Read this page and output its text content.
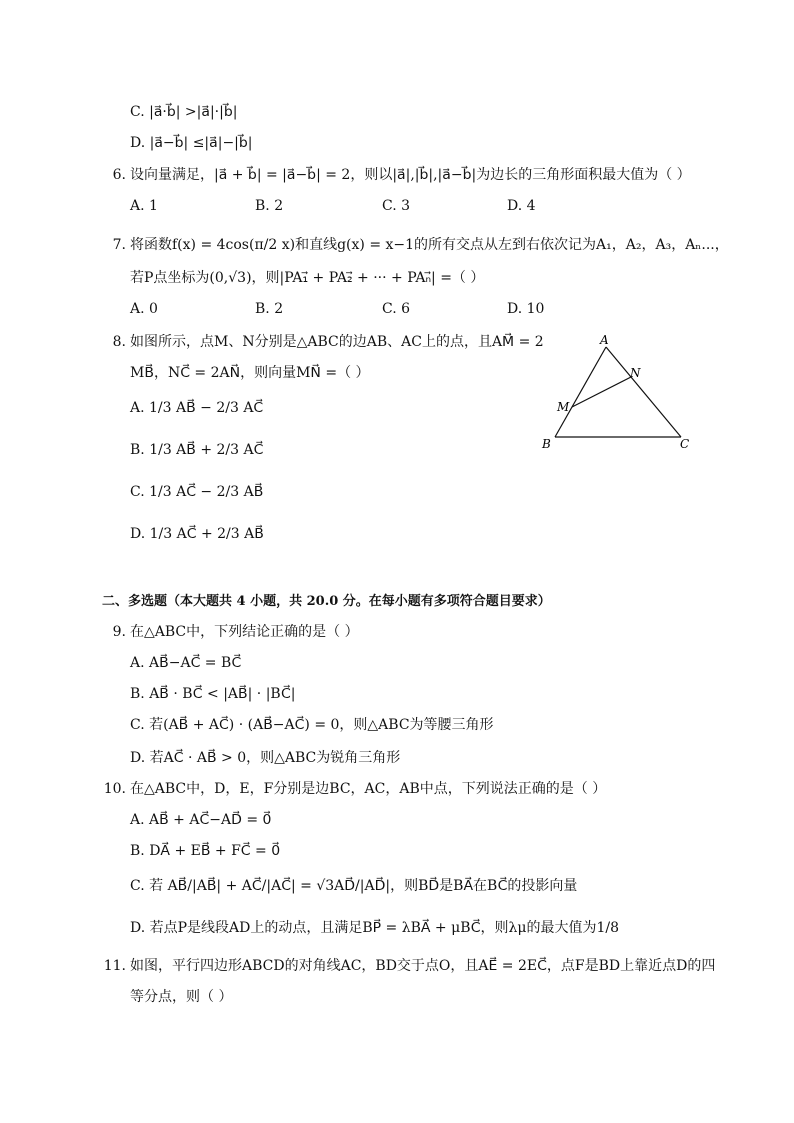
C. |a⃗·b⃗| >|a⃗|·|b⃗|
D. |a⃗−b⃗| ≤|a⃗|−|b⃗|
6. 设向量满足，|a⃗ + b⃗| = |a⃗−b⃗| = 2，则以|a⃗|,|b⃗|,|a⃗−b⃗|为边长的三角形面积最大值为（ ）
A. 1	B. 2	C. 3	D. 4
7. 将函数f(x) = 4cos(π/2 x)和直线g(x) = x−1的所有交点从左到右依次记为A₁，A₂，A₃，Aₙ...，
若P点坐标为(0,√3)，则|PA₁⃗ + PA₂⃗ + ··· + PAₙ⃗| =（ ）
A. 0	B. 2	C. 6	D. 10
8. 如图所示，点M、N分别是△ABC的边AB、AC上的点，且AM⃗ = 2
MB⃗，NC⃗ = 2AN⃗，则向量MN⃗ =（ ）
A. 1/3 AB⃗ − 2/3 AC⃗
B. 1/3 AB⃗ + 2/3 AC⃗
C. 1/3 AC⃗ − 2/3 AB⃗
D. 1/3 AC⃗ + 2/3 AB⃗
A
B	C
M
N
二、多选题（本大题共 4 小题，共 20.0 分。在每小题有多项符合题目要求）
9. 在△ABC中，下列结论正确的是（ ）
A. AB⃗−AC⃗ = BC⃗
B. AB⃗ · BC⃗ < |AB⃗| · |BC⃗|
C. 若(AB⃗ + AC⃗) · (AB⃗−AC⃗) = 0，则△ABC为等腰三角形
D. 若AC⃗ · AB⃗ > 0，则△ABC为锐角三角形
10. 在△ABC中，D，E，F分别是边BC，AC，AB中点，下列说法正确的是（ ）
A. AB⃗ + AC⃗−AD⃗ = 0⃗
B. DA⃗ + EB⃗ + FC⃗ = 0⃗
C. 若 AB⃗/|AB⃗| + AC⃗/|AC⃗| = √3AD⃗/|AD⃗|，则BD⃗是BA⃗在BC⃗的投影向量
D. 若点P是线段AD上的动点，且满足BP⃗ = λBA⃗ + μBC⃗，则λμ的最大值为1/8
11. 如图，平行四边形ABCD的对角线AC，BD交于点O，且AE⃗ = 2EC⃗，点F是BD上靠近点D的四
等分点，则（ ）
